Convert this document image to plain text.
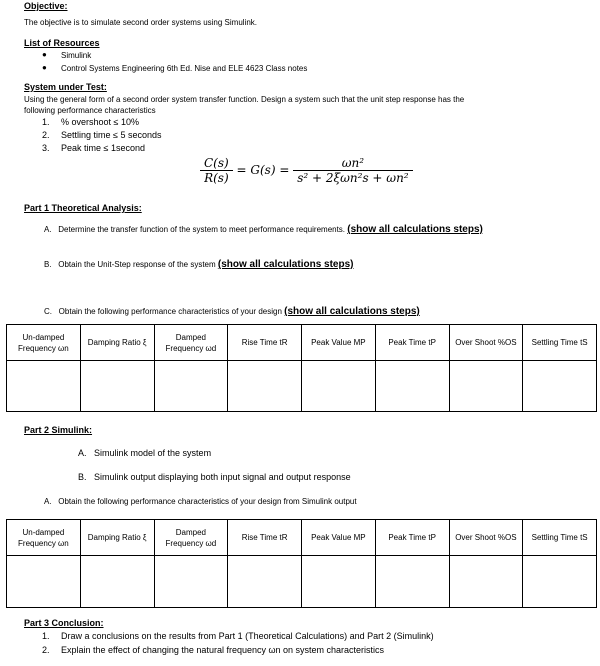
Objective:
The objective is to simulate second order systems using Simulink.
List of Resources
● Simulink
● Control Systems Engineering 6th Ed. Nise and ELE 4623 Class notes
System under Test:
Using the general form of a second order system transfer function. Design a system such that the unit step response has the
following performance characteristics
1. % overshoot ≤ 10%
2. Settling time ≤ 5 seconds
3. Peak time ≤ 1second
$\frac{C(s)}{R(s)} = G(s) = \frac{\text{ωn²}}{\text{s² + 2ξωn²s + ωn²}}$
Part 1 Theoretical Analysis:
A.   Determine the transfer function of the system to meet performance requirements. (show all calculations steps)
B.   Obtain the Unit-Step response of the system (show all calculations steps)
C.   Obtain the following performance characteristics of your design (show all calculations steps)
Un-damped Frequency ωn	Damping Ratio ξ	Damped Frequency ωd	Rise Time tR	Peak Value MP	Peak Time tP	Over Shoot %OS	Settling Time tS

Part 2 Simulink:
A.   Simulink model of the system
B.   Simulink output displaying both input signal and output response
A.   Obtain the following performance characteristics of your design from Simulink output
Un-damped Frequency ωn	Damping Ratio ξ	Damped Frequency ωd	Rise Time tR	Peak Value MP	Peak Time tP	Over Shoot %OS	Settling Time tS

Part 3 Conclusion:
1. Draw a conclusions on the results from Part 1 (Theoretical Calculations) and Part 2 (Simulink)
2. Explain the effect of changing the natural frequency ωn on system characteristics
